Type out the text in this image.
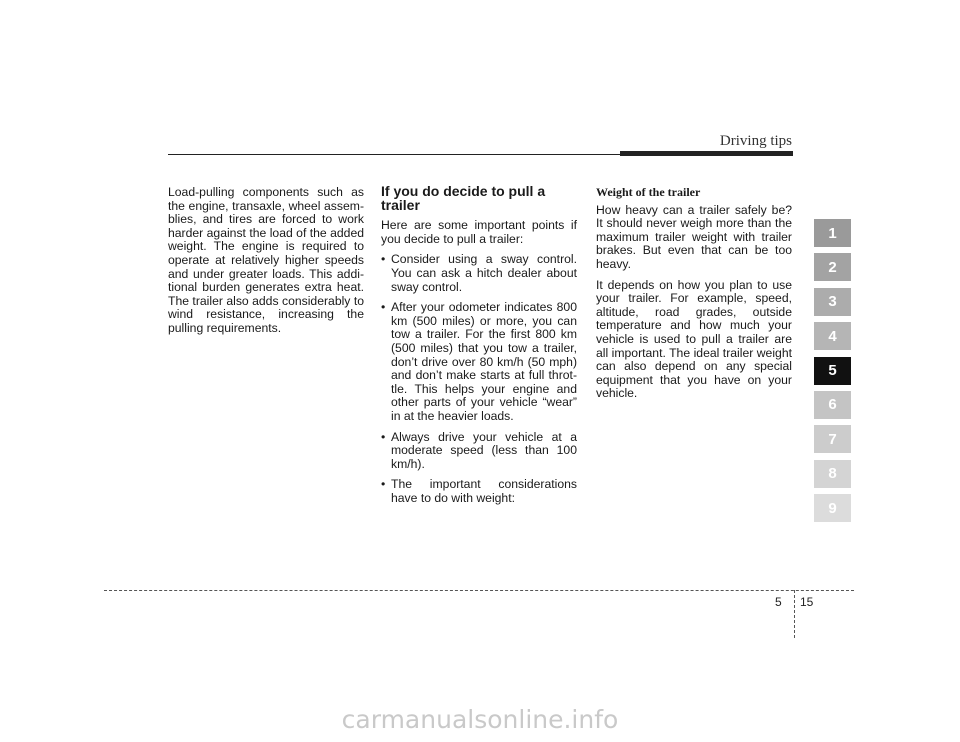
Driving tips

Load-pulling components such as the engine, transaxle, wheel assemblies, and tires are forced to work harder against the load of the added weight. The engine is required to operate at relatively higher speeds and under greater loads. This additional burden generates extra heat. The trailer also adds considerably to wind resistance, increasing the pulling requirements.

If you do decide to pull a trailer

Here are some important points if you decide to pull a trailer:

• Consider using a sway control. You can ask a hitch dealer about sway control.
• After your odometer indicates 800 km (500 miles) or more, you can tow a trailer. For the first 800 km (500 miles) that you tow a trailer, don’t drive over 80 km/h (50 mph) and don’t make starts at full throttle. This helps your engine and other parts of your vehicle “wear” in at the heavier loads.
• Always drive your vehicle at a moderate speed (less than 100 km/h).
• The important considerations have to do with weight:
Weight of the trailer

How heavy can a trailer safely be? It should never weigh more than the maximum trailer weight with trailer brakes. But even that can be too heavy.

It depends on how you plan to use your trailer. For example, speed, altitude, road grades, outside temperature and how much your vehicle is used to pull a trailer are all important. The ideal trailer weight can also depend on any special equipment that you have on your vehicle.

1
2
3
4
5
6
7
8
9
5 15
carmanualsonline.info
